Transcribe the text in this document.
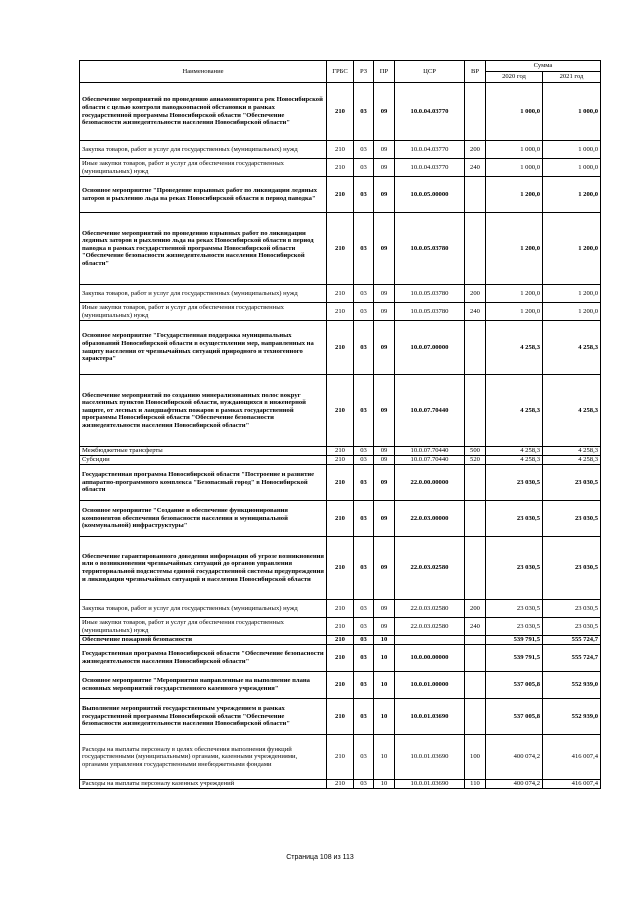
Наименование	ГРБС	РЗ	ПР	ЦСР	ВР	Сумма	
						2020 год	2021 год
Обеспечение мероприятий по проведению авиамониторинга рек Новосибирской области с целью контроля паводкоопасной обстановки в рамках государственной программы Новосибирской области "Обеспечение безопасности жизнедеятельности населения Новосибирской области"	210	03	09	10.0.04.03770		1 000,0	1 000,0
Закупка товаров, работ и услуг для государственных (муниципальных) нужд	210	03	09	10.0.04.03770	200	1 000,0	1 000,0
Иные закупки товаров, работ и услуг для обеспечения государственных (муниципальных) нужд	210	03	09	10.0.04.03770	240	1 000,0	1 000,0
Основное мероприятие "Проведение взрывных работ по ликвидации ледяных заторов и рыхлению льда на реках Новосибирской области в период паводка"	210	03	09	10.0.05.00000		1 200,0	1 200,0
Обеспечение мероприятий по проведению взрывных работ по ликвидации ледяных заторов и рыхлению льда на реках Новосибирской области в период паводка в рамках государственной программы Новосибирской области "Обеспечение безопасности жизнедеятельности населения Новосибирской области"	210	03	09	10.0.05.03780		1 200,0	1 200,0
Закупка товаров, работ и услуг для государственных (муниципальных) нужд	210	03	09	10.0.05.03780	200	1 200,0	1 200,0
Иные закупки товаров, работ и услуг для обеспечения государственных (муниципальных) нужд	210	03	09	10.0.05.03780	240	1 200,0	1 200,0
Основное мероприятие "Государственная поддержка муниципальных образований Новосибирской области в осуществлении мер, направленных на защиту населения от чрезвычайных ситуаций природного и техногенного характера"	210	03	09	10.0.07.00000		4 258,3	4 258,3
Обеспечение мероприятий по созданию минерализованных полос вокруг населенных пунктов Новосибирской области, нуждающихся в инженерной защите, от лесных и ландшафтных пожаров в рамках государственной программы Новосибирской области "Обеспечение безопасности жизнедеятельности населения Новосибирской области"	210	03	09	10.0.07.70440		4 258,3	4 258,3
Межбюджетные трансферты	210	03	09	10.0.07.70440	500	4 258,3	4 258,3
Субсидии	210	03	09	10.0.07.70440	520	4 258,3	4 258,3
Государственная программа Новосибирской области "Построение и развитие аппаратно-программного комплекса "Безопасный город" в Новосибирской области	210	03	09	22.0.00.00000		23 030,5	23 030,5
Основное мероприятие "Создание и обеспечение функционирования компонентов обеспечения безопасности населения и муниципальной (коммунальной) инфраструктуры"	210	03	09	22.0.03.00000		23 030,5	23 030,5
Обеспечение гарантированного доведения информации об угрозе возникновения или о возникновении чрезвычайных ситуаций до органов управления территориальной подсистемы единой государственной системы предупреждения и ликвидации чрезвычайных ситуаций и населения Новосибирской области	210	03	09	22.0.03.02580		23 030,5	23 030,5
Закупка товаров, работ и услуг для государственных (муниципальных) нужд	210	03	09	22.0.03.02580	200	23 030,5	23 030,5
Иные закупки товаров, работ и услуг для обеспечения государственных (муниципальных) нужд	210	03	09	22.0.03.02580	240	23 030,5	23 030,5
Обеспечение пожарной безопасности	210	03	10			539 791,5	555 724,7
Государственная программа Новосибирской области "Обеспечение безопасности жизнедеятельности населения Новосибирской области"	210	03	10	10.0.00.00000		539 791,5	555 724,7
Основное мероприятие "Мероприятия направленные на выполнение плана основных мероприятий государственного казенного учреждения"	210	03	10	10.0.01.00000		537 005,8	552 939,0
Выполнение мероприятий государственным учреждением в рамках государственной программы Новосибирской области "Обеспечение безопасности жизнедеятельности населения Новосибирской области"	210	03	10	10.0.01.03690		537 005,8	552 939,0
Расходы на выплаты персоналу в целях обеспечения выполнения функций государственными (муниципальными) органами, казенными учреждениями, органами управления государственными внебюджетными фондами	210	03	10	10.0.01.03690	100	400 074,2	416 007,4
Расходы на выплаты персоналу казенных учреждений	210	03	10	10.0.01.03690	110	400 074,2	416 007,4
Страница 108 из 113
